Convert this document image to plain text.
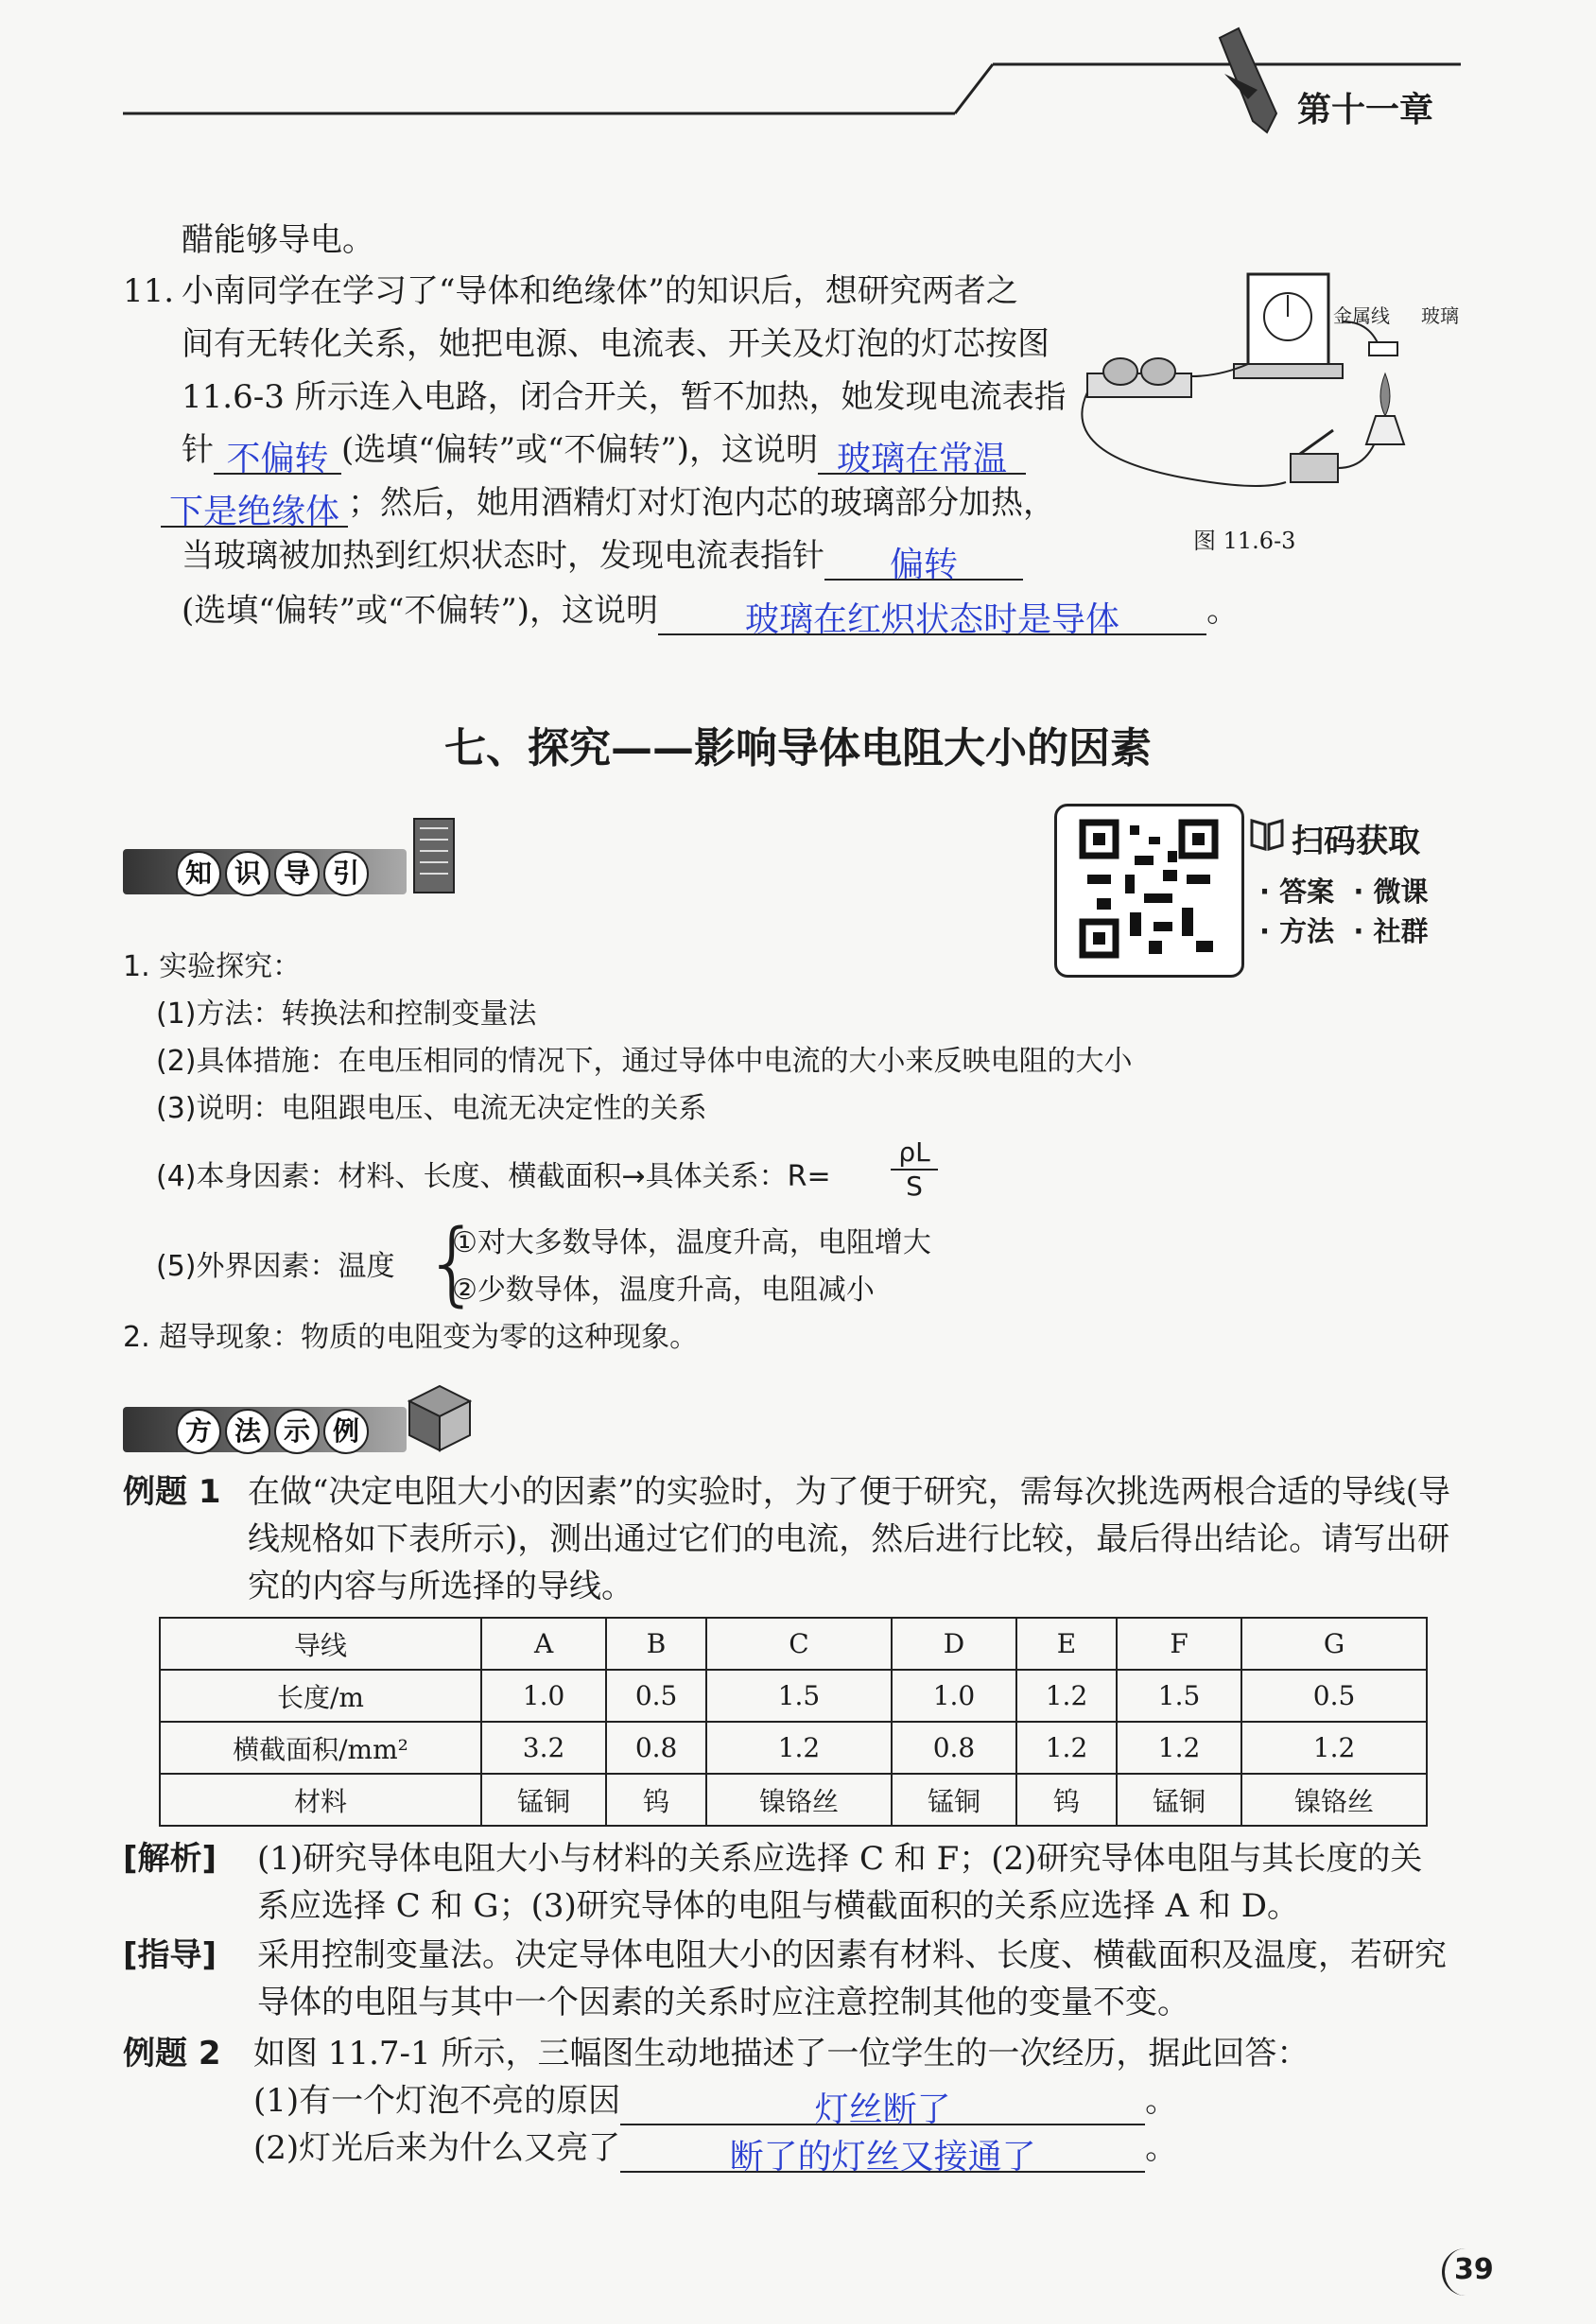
第十一章
醋能够导电。
11. 小南同学在学习了“导体和绝缘体”的知识后，想研究两者之
间有无转化关系，她把电源、电流表、开关及灯泡的灯芯按图
11.6-3 所示连入电路，闭合开关，暂不加热，她发现电流表指
针 不偏转 (选填“偏转”或“不偏转”)，这说明 玻璃在常温
下是绝缘体 ；然后，她用酒精灯对灯泡内芯的玻璃部分加热，
当玻璃被加热到红炽状态时，发现电流表指针 偏转
(选填“偏转”或“不偏转”)，这说明	玻璃在红炽状态时是导体	。
金属线 玻璃
图 11.6-3
七、探究——影响导体电阻大小的因素
扫码获取
· 答案  · 微课
· 方法  · 社群
知 识 导 引
1. 实验探究：
(1)方法：转换法和控制变量法
(2)具体措施：在电压相同的情况下，通过导体中电流的大小来反映电阻的大小
(3)说明：电阻跟电压、电流无决定性的关系
(4)本身因素：材料、长度、横截面积→具体关系：R=
ρL
S
(5)外界因素：温度 {
①对大多数导体，温度升高，电阻增大
②少数导体，温度升高，电阻减小
2. 超导现象：物质的电阻变为零的这种现象。
方 法 示 例
例题 1 在做“决定电阻大小的因素”的实验时，为了便于研究，需每次挑选两根合适的导线(导
线规格如下表所示)，测出通过它们的电流，然后进行比较，最后得出结论。请写出研
究的内容与所选择的导线。
导线	A	B	C	D	E	F	G
长度/m	1.0	0.5	1.5	1.0	1.2	1.5	0.5
横截面积/mm²	3.2	0.8	1.2	0.8	1.2	1.2	1.2
材料	锰铜	钨	镍铬丝	锰铜	钨	锰铜	镍铬丝
[解析] (1)研究导体电阻大小与材料的关系应选择 C 和 F；(2)研究导体电阻与其长度的关
系应选择 C 和 G；(3)研究导体的电阻与横截面积的关系应选择 A 和 D。
[指导] 采用控制变量法。决定导体电阻大小的因素有材料、长度、横截面积及温度，若研究
导体的电阻与其中一个因素的关系时应注意控制其他的变量不变。
例题 2 如图 11.7-1 所示，三幅图生动地描述了一位学生的一次经历，据此回答：
(1)有一个灯泡不亮的原因	灯丝断了	。
(2)灯光后来为什么又亮了	断了的灯丝又接通了	。
39
